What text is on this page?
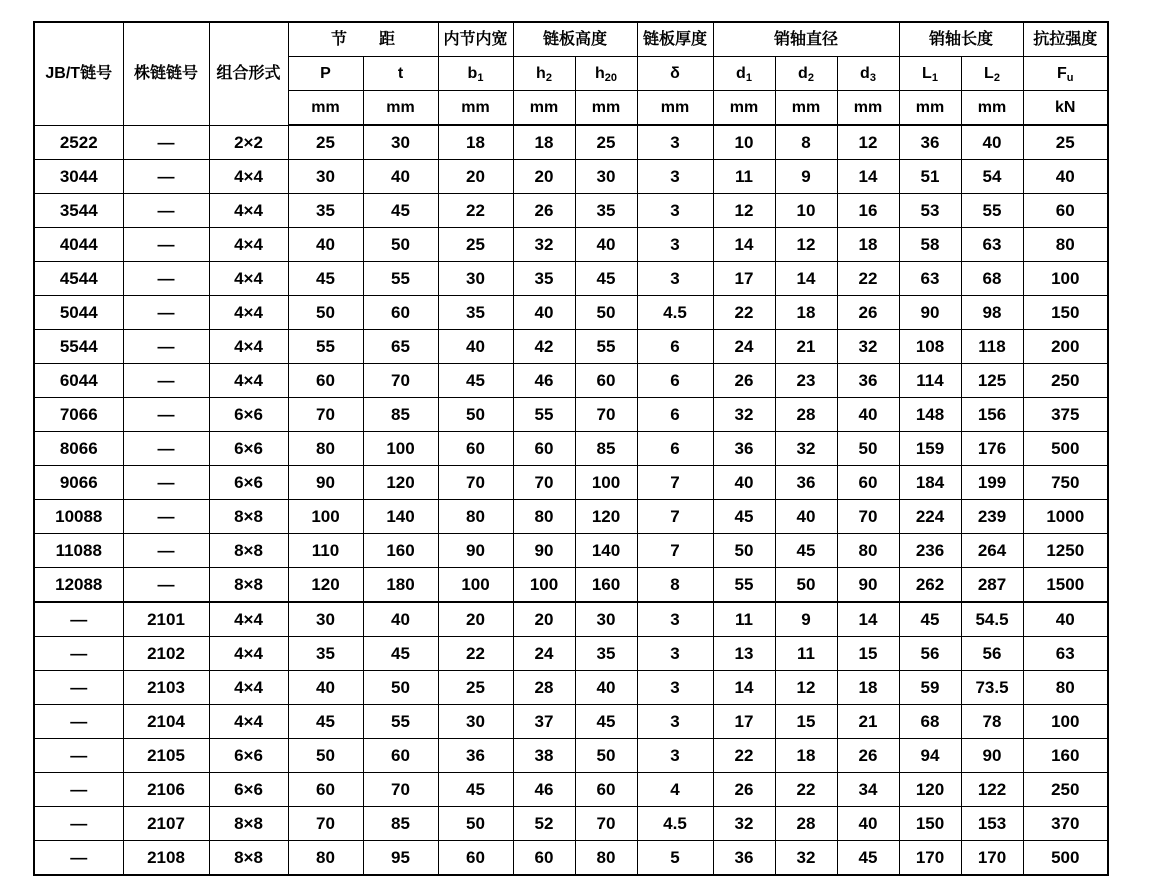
JB/T链号	株链链号	组合形式	节　　距		内节内宽	链板高度		链板厚度	销轴直径			销轴长度		抗拉强度
			P	t	$b_1$	$h_2$	$h_{20}$	δ	$d_1$	$d_2$	$d_3$	$L_1$	$L_2$	$F_u$
			mm	mm	mm	mm	mm	mm	mm	mm	mm	mm	mm	kN
2522	—	2×2	25	30	18	18	25	3	10	8	12	36	40	25
3044	—	4×4	30	40	20	20	30	3	11	9	14	51	54	40
3544	—	4×4	35	45	22	26	35	3	12	10	16	53	55	60
4044	—	4×4	40	50	25	32	40	3	14	12	18	58	63	80
4544	—	4×4	45	55	30	35	45	3	17	14	22	63	68	100
5044	—	4×4	50	60	35	40	50	4.5	22	18	26	90	98	150
5544	—	4×4	55	65	40	42	55	6	24	21	32	108	118	200
6044	—	4×4	60	70	45	46	60	6	26	23	36	114	125	250
7066	—	6×6	70	85	50	55	70	6	32	28	40	148	156	375
8066	—	6×6	80	100	60	60	85	6	36	32	50	159	176	500
9066	—	6×6	90	120	70	70	100	7	40	36	60	184	199	750
10088	—	8×8	100	140	80	80	120	7	45	40	70	224	239	1000
11088	—	8×8	110	160	90	90	140	7	50	45	80	236	264	1250
12088	—	8×8	120	180	100	100	160	8	55	50	90	262	287	1500
—	2101	4×4	30	40	20	20	30	3	11	9	14	45	54.5	40
—	2102	4×4	35	45	22	24	35	3	13	11	15	56	56	63
—	2103	4×4	40	50	25	28	40	3	14	12	18	59	73.5	80
—	2104	4×4	45	55	30	37	45	3	17	15	21	68	78	100
—	2105	6×6	50	60	36	38	50	3	22	18	26	94	90	160
—	2106	6×6	60	70	45	46	60	4	26	22	34	120	122	250
—	2107	8×8	70	85	50	52	70	4.5	32	28	40	150	153	370
—	2108	8×8	80	95	60	60	80	5	36	32	45	170	170	500
